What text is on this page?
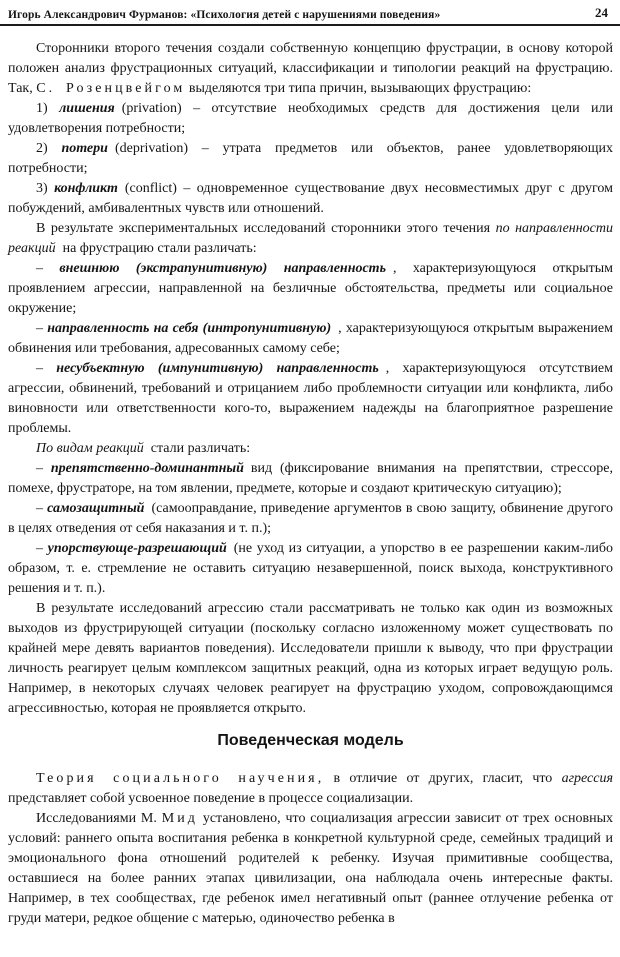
Игорь Александрович Фурманов: «Психология детей с нарушениями поведения»	24

Сторонники второго течения создали собственную концепцию фрустрации, в основу которой положен анализ фрустрационных ситуаций, классификации и типологии реакций на фрустрацию. Так, С. Розенцвейгом выделяются три типа причин, вызывающих фрустрацию:

1) лишения (privation) – отсутствие необходимых средств для достижения цели или удовлетворения потребности;

2) потери (deprivation) – утрата предметов или объектов, ранее удовлетворяющих потребности;

3) конфликт (conflict) – одновременное существование двух несовместимых друг с другом побуждений, амбивалентных чувств или отношений.

В результате экспериментальных исследований сторонники этого течения по направленности реакций на фрустрацию стали различать:

– внешнюю (экстрапунитивную) направленность , характеризующуюся открытым проявлением агрессии, направленной на безличные обстоятельства, предметы или социальное окружение;

– направленность на себя (интропунитивную) , характеризующуюся открытым выражением обвинения или требования, адресованных самому себе;

– несубъектную (импунитивную) направленность , характеризующуюся отсутствием агрессии, обвинений, требований и отрицанием либо проблемности ситуации или конфликта, либо виновности или ответственности кого-то, выражением надежды на благоприятное разрешение проблемы.

По видам реакций стали различать:

– препятственно-доминантный вид (фиксирование внимания на препятствии, стрессоре, помехе, фрустраторе, на том явлении, предмете, которые и создают критическую ситуацию);

– самозащитный (самооправдание, приведение аргументов в свою защиту, обвинение другого в целях отведения от себя наказания и т. п.);

– упорствующе-разрешающий (не уход из ситуации, а упорство в ее разрешении каким-либо образом, т. е. стремление не оставить ситуацию незавершенной, поиск выхода, конструктивного решения и т. п.).

В результате исследований агрессию стали рассматривать не только как один из возможных выходов из фрустрирующей ситуации (поскольку согласно изложенному может существовать по крайней мере девять вариантов поведения). Исследователи пришли к выводу, что при фрустрации личность реагирует целым комплексом защитных реакций, одна из которых играет ведущую роль. Например, в некоторых случаях человек реагирует на фрустрацию уходом, сопровождающимся агрессивностью, которая не проявляется открыто.

Поведенческая модель

Теория социального научения, в отличие от других, гласит, что агрессия представляет собой усвоенное поведение в процессе социализации.

Исследованиями М. Мид установлено, что социализация агрессии зависит от трех основных условий: раннего опыта воспитания ребенка в конкретной культурной среде, семейных традиций и эмоционального фона отношений родителей к ребенку. Изучая примитивные сообщества, оставшиеся на более ранних этапах цивилизации, она наблюдала очень интересные факты. Например, в тех сообществах, где ребенок имел негативный опыт (раннее отлучение ребенка от груди матери, редкое общение с матерью, одиночество ребенка в
